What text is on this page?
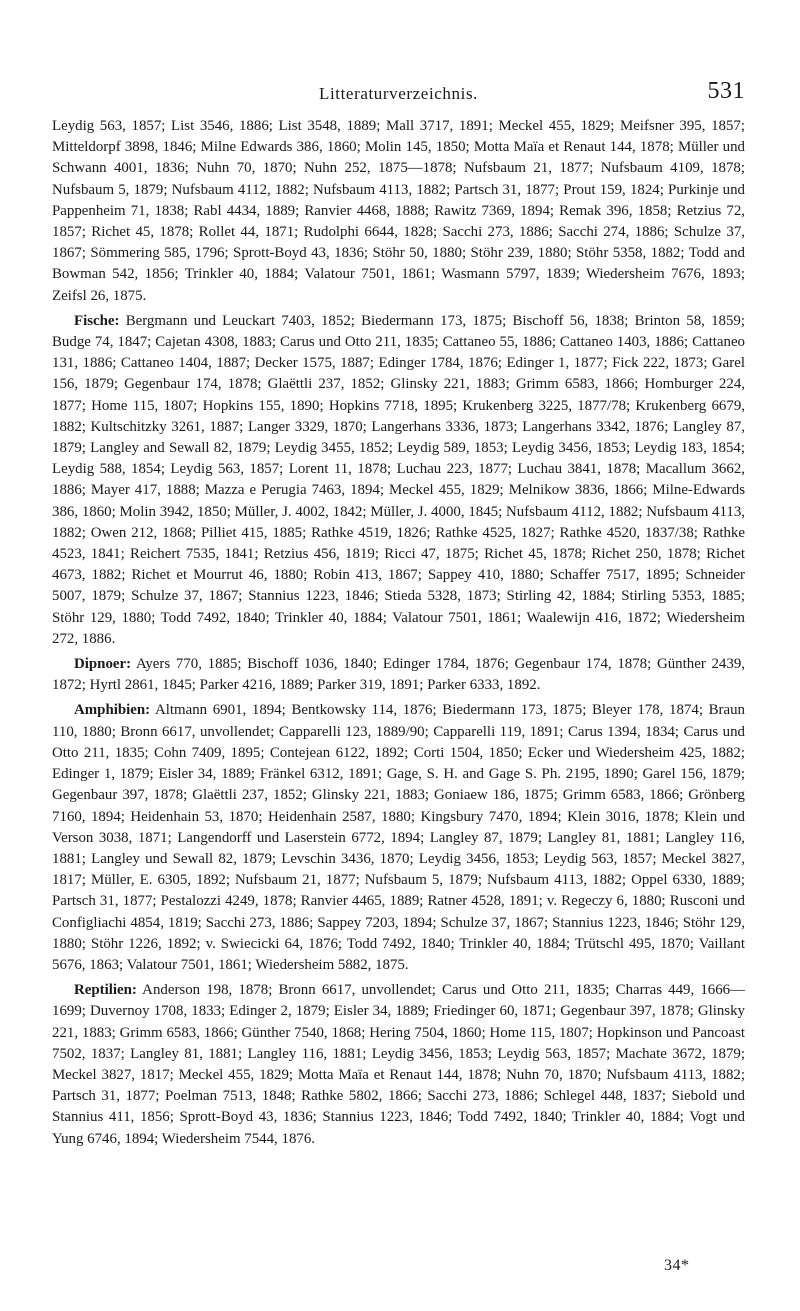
Litteraturverzeichnis.	531

Leydig 563, 1857; List 3546, 1886; List 3548, 1889; Mall 3717, 1891; Meckel 455, 1829; Meifsner 395, 1857; Mitteldorpf 3898, 1846; Milne Edwards 386, 1860; Molin 145, 1850; Motta Maïa et Renaut 144, 1878; Müller und Schwann 4001, 1836; Nuhn 70, 1870; Nuhn 252, 1875—1878; Nufsbaum 21, 1877; Nufsbaum 4109, 1878; Nufsbaum 5, 1879; Nufsbaum 4112, 1882; Nufsbaum 4113, 1882; Partsch 31, 1877; Prout 159, 1824; Purkinje und Pappenheim 71, 1838; Rabl 4434, 1889; Ranvier 4468, 1888; Rawitz 7369, 1894; Remak 396, 1858; Retzius 72, 1857; Richet 45, 1878; Rollet 44, 1871; Rudolphi 6644, 1828; Sacchi 273, 1886; Sacchi 274, 1886; Schulze 37, 1867; Sömmering 585, 1796; Sprott-Boyd 43, 1836; Stöhr 50, 1880; Stöhr 239, 1880; Stöhr 5358, 1882; Todd and Bowman 542, 1856; Trinkler 40, 1884; Valatour 7501, 1861; Wasmann 5797, 1839; Wiedersheim 7676, 1893; Zeifsl 26, 1875.

Fische: Bergmann und Leuckart 7403, 1852; Biedermann 173, 1875; Bischoff 56, 1838; Brinton 58, 1859; Budge 74, 1847; Cajetan 4308, 1883; Carus und Otto 211, 1835; Cattaneo 55, 1886; Cattaneo 1403, 1886; Cattaneo 131, 1886; Cattaneo 1404, 1887; Decker 1575, 1887; Edinger 1784, 1876; Edinger 1, 1877; Fick 222, 1873; Garel 156, 1879; Gegenbaur 174, 1878; Glaёttli 237, 1852; Glinsky 221, 1883; Grimm 6583, 1866; Homburger 224, 1877; Home 115, 1807; Hopkins 155, 1890; Hopkins 7718, 1895; Krukenberg 3225, 1877/78; Krukenberg 6679, 1882; Kultschitzky 3261, 1887; Langer 3329, 1870; Langerhans 3336, 1873; Langerhans 3342, 1876; Langley 87, 1879; Langley and Sewall 82, 1879; Leydig 3455, 1852; Leydig 589, 1853; Leydig 3456, 1853; Leydig 183, 1854; Leydig 588, 1854; Leydig 563, 1857; Lorent 11, 1878; Luchau 223, 1877; Luchau 3841, 1878; Macallum 3662, 1886; Mayer 417, 1888; Mazza e Perugia 7463, 1894; Meckel 455, 1829; Melnikow 3836, 1866; Milne-Edwards 386, 1860; Molin 3942, 1850; Müller, J. 4002, 1842; Müller, J. 4000, 1845; Nufsbaum 4112, 1882; Nufsbaum 4113, 1882; Owen 212, 1868; Pilliet 415, 1885; Rathke 4519, 1826; Rathke 4525, 1827; Rathke 4520, 1837/38; Rathke 4523, 1841; Reichert 7535, 1841; Retzius 456, 1819; Ricci 47, 1875; Richet 45, 1878; Richet 250, 1878; Richet 4673, 1882; Richet et Mourrut 46, 1880; Robin 413, 1867; Sappey 410, 1880; Schaffer 7517, 1895; Schneider 5007, 1879; Schulze 37, 1867; Stannius 1223, 1846; Stieda 5328, 1873; Stirling 42, 1884; Stirling 5353, 1885; Stöhr 129, 1880; Todd 7492, 1840; Trinkler 40, 1884; Valatour 7501, 1861; Waalewijn 416, 1872; Wiedersheim 272, 1886.

Dipnoer: Ayers 770, 1885; Bischoff 1036, 1840; Edinger 1784, 1876; Gegenbaur 174, 1878; Günther 2439, 1872; Hyrtl 2861, 1845; Parker 4216, 1889; Parker 319, 1891; Parker 6333, 1892.

Amphibien: Altmann 6901, 1894; Bentkowsky 114, 1876; Biedermann 173, 1875; Bleyer 178, 1874; Braun 110, 1880; Bronn 6617, unvollendet; Capparelli 123, 1889/90; Capparelli 119, 1891; Carus 1394, 1834; Carus und Otto 211, 1835; Cohn 7409, 1895; Contejean 6122, 1892; Corti 1504, 1850; Ecker und Wiedersheim 425, 1882; Edinger 1, 1879; Eisler 34, 1889; Fränkel 6312, 1891; Gage, S. H. and Gage S. Ph. 2195, 1890; Garel 156, 1879; Gegenbaur 397, 1878; Glaёttli 237, 1852; Glinsky 221, 1883; Goniaew 186, 1875; Grimm 6583, 1866; Grönberg 7160, 1894; Heidenhain 53, 1870; Heidenhain 2587, 1880; Kingsbury 7470, 1894; Klein 3016, 1878; Klein und Verson 3038, 1871; Langendorff und Laserstein 6772, 1894; Langley 87, 1879; Langley 81, 1881; Langley 116, 1881; Langley und Sewall 82, 1879; Levschin 3436, 1870; Leydig 3456, 1853; Leydig 563, 1857; Meckel 3827, 1817; Müller, E. 6305, 1892; Nufsbaum 21, 1877; Nufsbaum 5, 1879; Nufsbaum 4113, 1882; Oppel 6330, 1889; Partsch 31, 1877; Pestalozzi 4249, 1878; Ranvier 4465, 1889; Ratner 4528, 1891; v. Regeczy 6, 1880; Rusconi und Configliachi 4854, 1819; Sacchi 273, 1886; Sappey 7203, 1894; Schulze 37, 1867; Stannius 1223, 1846; Stöhr 129, 1880; Stöhr 1226, 1892; v. Swiecicki 64, 1876; Todd 7492, 1840; Trinkler 40, 1884; Trütschl 495, 1870; Vaillant 5676, 1863; Valatour 7501, 1861; Wiedersheim 5882, 1875.

Reptilien: Anderson 198, 1878; Bronn 6617, unvollendet; Carus und Otto 211, 1835; Charras 449, 1666—1699; Duvernoy 1708, 1833; Edinger 2, 1879; Eisler 34, 1889; Friedinger 60, 1871; Gegenbaur 397, 1878; Glinsky 221, 1883; Grimm 6583, 1866; Günther 7540, 1868; Hering 7504, 1860; Home 115, 1807; Hopkinson und Pancoast 7502, 1837; Langley 81, 1881; Langley 116, 1881; Leydig 3456, 1853; Leydig 563, 1857; Machate 3672, 1879; Meckel 3827, 1817; Meckel 455, 1829; Motta Maïa et Renaut 144, 1878; Nuhn 70, 1870; Nufsbaum 4113, 1882; Partsch 31, 1877; Poelman 7513, 1848; Rathke 5802, 1866; Sacchi 273, 1886; Schlegel 448, 1837; Siebold und Stannius 411, 1856; Sprott-Boyd 43, 1836; Stannius 1223, 1846; Todd 7492, 1840; Trinkler 40, 1884; Vogt und Yung 6746, 1894; Wiedersheim 7544, 1876.

34*
